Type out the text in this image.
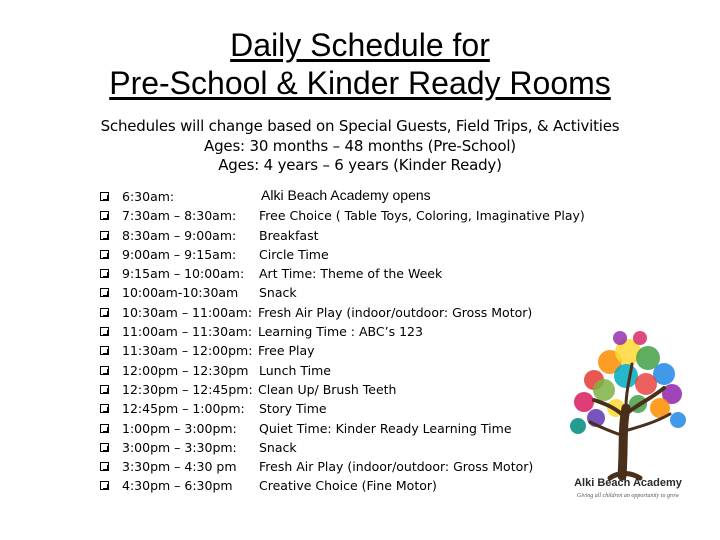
Daily Schedule for
Pre-School & Kinder Ready Rooms
Schedules will change based on Special Guests, Field Trips, & Activities
Ages: 30 months – 48 months (Pre-School)
Ages: 4 years – 6 years (Kinder Ready)
6:30am:	Alki Beach Academy opens
7:30am – 8:30am: Free Choice ( Table Toys, Coloring, Imaginative Play)
8:30am – 9:00am: Breakfast
9:00am – 9:15am: Circle Time
9:15am – 10:00am: Art Time: Theme of the Week
10:00am-10:30am Snack
10:30am – 11:00am: Fresh Air Play (indoor/outdoor: Gross Motor)
11:00am – 11:30am: Learning Time : ABC’s 123
11:30am – 12:00pm: Free Play
12:00pm – 12:30pm Lunch Time
12:30pm – 12:45pm: Clean Up/ Brush Teeth
12:45pm – 1:00pm: Story Time
1:00pm – 3:00pm: Quiet Time: Kinder Ready Learning Time
3:00pm – 3:30pm: Snack
3:30pm – 4:30 pm Fresh Air Play (indoor/outdoor: Gross Motor)
4:30pm – 6:30pm Creative Choice (Fine Motor)	Alki Beach Academy
Giving all children an opportunity to grow
